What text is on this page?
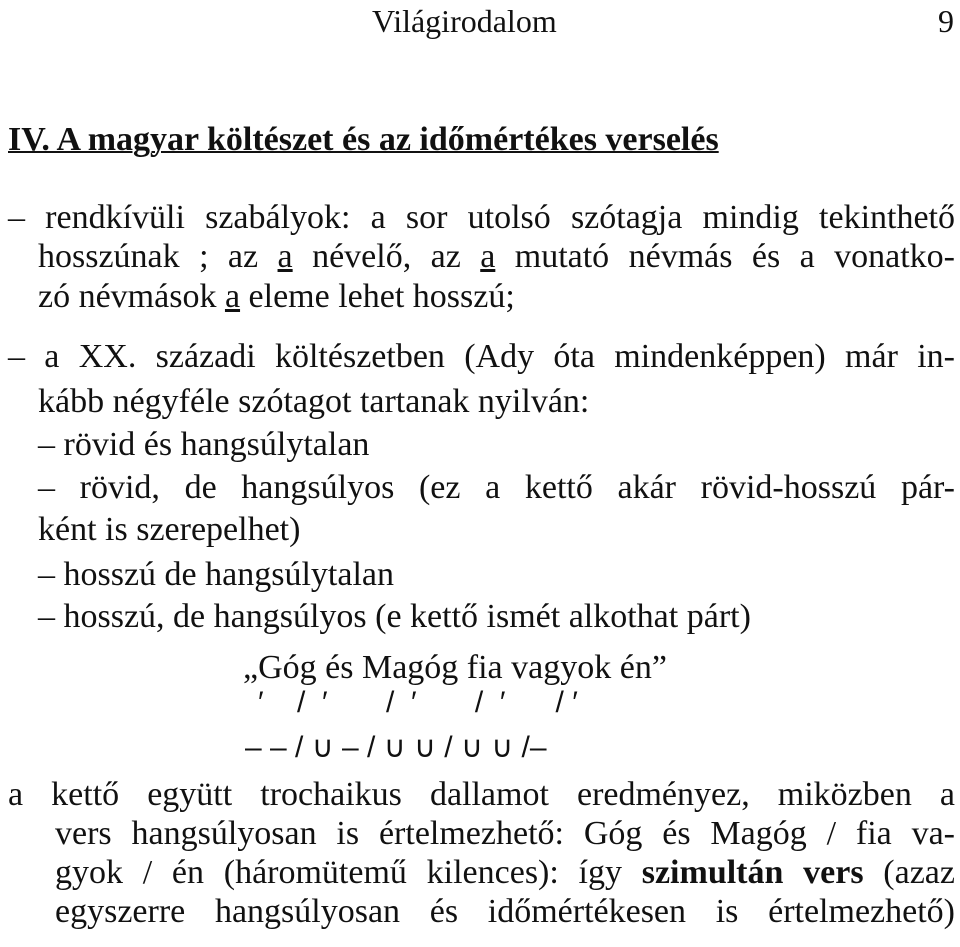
Világirodalom	9
IV. A magyar költészet és az időmértékes verselés
– rendkívüli szabályok: a sor utolsó szótagja mindig tekinthető
hosszúnak ; az a névelő, az a mutató névmás és a vonatko-
zó névmások a eleme lehet hosszú;
– a XX. századi költészetben (Ady óta mindenképpen) már in-
kább négyféle szótagot tartanak nyilván:
– rövid és hangsúlytalan
– rövid, de hangsúlyos (ez a kettő akár rövid-hosszú pár-
ként is szerepelhet)
– hosszú de hangsúlytalan
– hosszú, de hangsúlyos (e kettő ismét alkothat párt)
„Góg és Magóg fia vagyok én”
′    /  ′       /  ′       /  ′      / ′
– – / ∪ – / ∪ ∪ / ∪ ∪ /–
a kettő együtt trochaikus dallamot eredményez, miközben a
vers hangsúlyosan is értelmezhető: Góg és Magóg / fia va-
gyok / én (háromütemű kilences): így szimultán vers (azaz
egyszerre hangsúlyosan és időmértékesen is értelmezhető)
